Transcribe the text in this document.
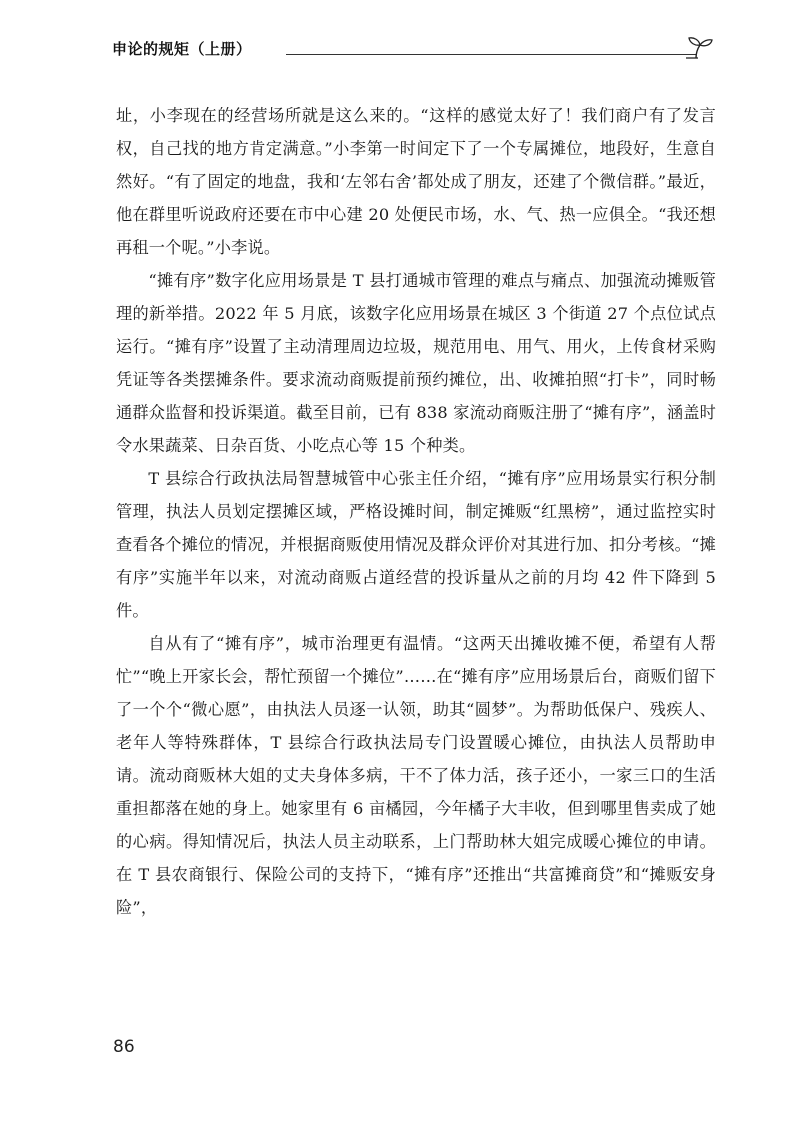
申论的规矩（上册）

址，小李现在的经营场所就是这么来的。“这样的感觉太好了！我们商户有了发言权，自己找的地方肯定满意。”小李第一时间定下了一个专属摊位，地段好，生意自然好。“有了固定的地盘，我和‘左邻右舍’都处成了朋友，还建了个微信群。”最近，他在群里听说政府还要在市中心建 20 处便民市场，水、气、热一应俱全。“我还想再租一个呢。”小李说。

“摊有序”数字化应用场景是 T 县打通城市管理的难点与痛点、加强流动摊贩管理的新举措。2022 年 5 月底，该数字化应用场景在城区 3 个街道 27 个点位试点运行。“摊有序”设置了主动清理周边垃圾，规范用电、用气、用火，上传食材采购凭证等各类摆摊条件。要求流动商贩提前预约摊位，出、收摊拍照“打卡”，同时畅通群众监督和投诉渠道。截至目前，已有 838 家流动商贩注册了“摊有序”，涵盖时令水果蔬菜、日杂百货、小吃点心等 15 个种类。

T 县综合行政执法局智慧城管中心张主任介绍，“摊有序”应用场景实行积分制管理，执法人员划定摆摊区域，严格设摊时间，制定摊贩“红黑榜”，通过监控实时查看各个摊位的情况，并根据商贩使用情况及群众评价对其进行加、扣分考核。“摊有序”实施半年以来，对流动商贩占道经营的投诉量从之前的月均 42 件下降到 5 件。

自从有了“摊有序”，城市治理更有温情。“这两天出摊收摊不便，希望有人帮忙”“晚上开家长会，帮忙预留一个摊位”……在“摊有序”应用场景后台，商贩们留下了一个个“微心愿”，由执法人员逐一认领，助其“圆梦”。为帮助低保户、残疾人、老年人等特殊群体，T 县综合行政执法局专门设置暖心摊位，由执法人员帮助申请。流动商贩林大姐的丈夫身体多病，干不了体力活，孩子还小，一家三口的生活重担都落在她的身上。她家里有 6 亩橘园，今年橘子大丰收，但到哪里售卖成了她的心病。得知情况后，执法人员主动联系，上门帮助林大姐完成暖心摊位的申请。在 T 县农商银行、保险公司的支持下，“摊有序”还推出“共富摊商贷”和“摊贩安身险”，

86
